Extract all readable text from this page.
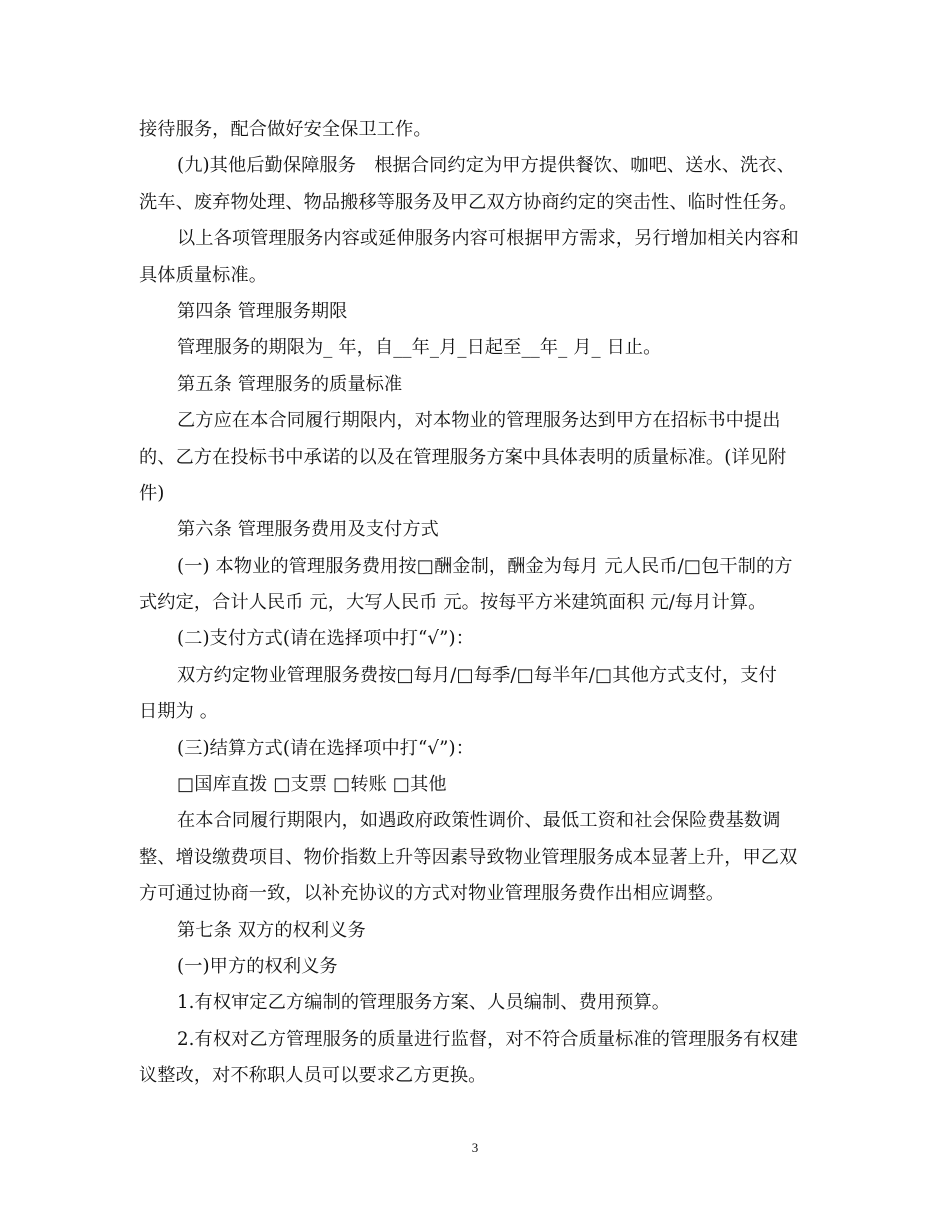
接待服务，配合做好安全保卫工作。
(九)其他后勤保障服务　根据合同约定为甲方提供餐饮、咖吧、送水、洗衣、
洗车、废弃物处理、物品搬移等服务及甲乙双方协商约定的突击性、临时性任务。
以上各项管理服务内容或延伸服务内容可根据甲方需求，另行增加相关内容和
具体质量标准。
第四条 管理服务期限
管理服务的期限为_ 年，自__年_月_日起至__年_ 月_ 日止。
第五条 管理服务的质量标准
乙方应在本合同履行期限内，对本物业的管理服务达到甲方在招标书中提出
的、乙方在投标书中承诺的以及在管理服务方案中具体表明的质量标准。(详见附
件)
第六条 管理服务费用及支付方式
(一) 本物业的管理服务费用按□酬金制，酬金为每月 元人民币/□包干制的方
式约定，合计人民币 元，大写人民币 元。按每平方米建筑面积 元/每月计算。
(二)支付方式(请在选择项中打“√”)：
双方约定物业管理服务费按□每月/□每季/□每半年/□其他方式支付，支付
日期为 。
(三)结算方式(请在选择项中打“√”)：
□国库直拨 □支票 □转账 □其他
在本合同履行期限内，如遇政府政策性调价、最低工资和社会保险费基数调
整、增设缴费项目、物价指数上升等因素导致物业管理服务成本显著上升，甲乙双
方可通过协商一致，以补充协议的方式对物业管理服务费作出相应调整。
第七条 双方的权利义务
(一)甲方的权利义务
1.有权审定乙方编制的管理服务方案、人员编制、费用预算。
2.有权对乙方管理服务的质量进行监督，对不符合质量标准的管理服务有权建
议整改，对不称职人员可以要求乙方更换。
3
